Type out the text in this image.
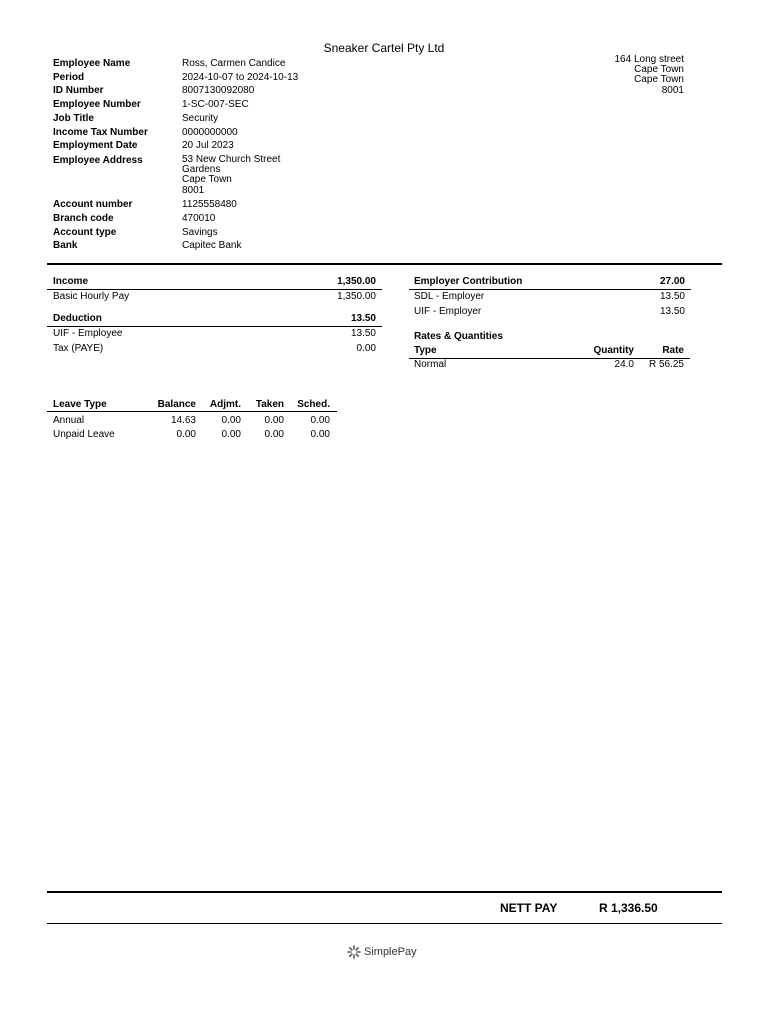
Sneaker Cartel Pty Ltd
164 Long street
Cape Town
Cape Town
8001
Employee Name	Ross, Carmen Candice
Period	2024-10-07 to 2024-10-13
ID Number	8007130092080
Employee Number	1-SC-007-SEC
Job Title	Security
Income Tax Number	0000000000
Employment Date	20 Jul 2023
Employee Address	53 New Church Street
Gardens
Cape Town
8001
Account number	1125558480
Branch code	470010
Account type	Savings
Bank	Capitec Bank
Income	1,350.00
Basic Hourly Pay	1,350.00
Deduction	13.50
UIF - Employee	13.50
Tax (PAYE)	0.00
Employer Contribution	27.00
SDL - Employer	13.50
UIF - Employer	13.50
Rates & Quantities
Type	Quantity	Rate
Normal	24.0	R 56.25
Leave Type	Balance	Adjmt.	Taken	Sched.
Annual	14.63	0.00	0.00	0.00
Unpaid Leave	0.00	0.00	0.00	0.00
NETT PAY	R 1,336.50
SimplePay
